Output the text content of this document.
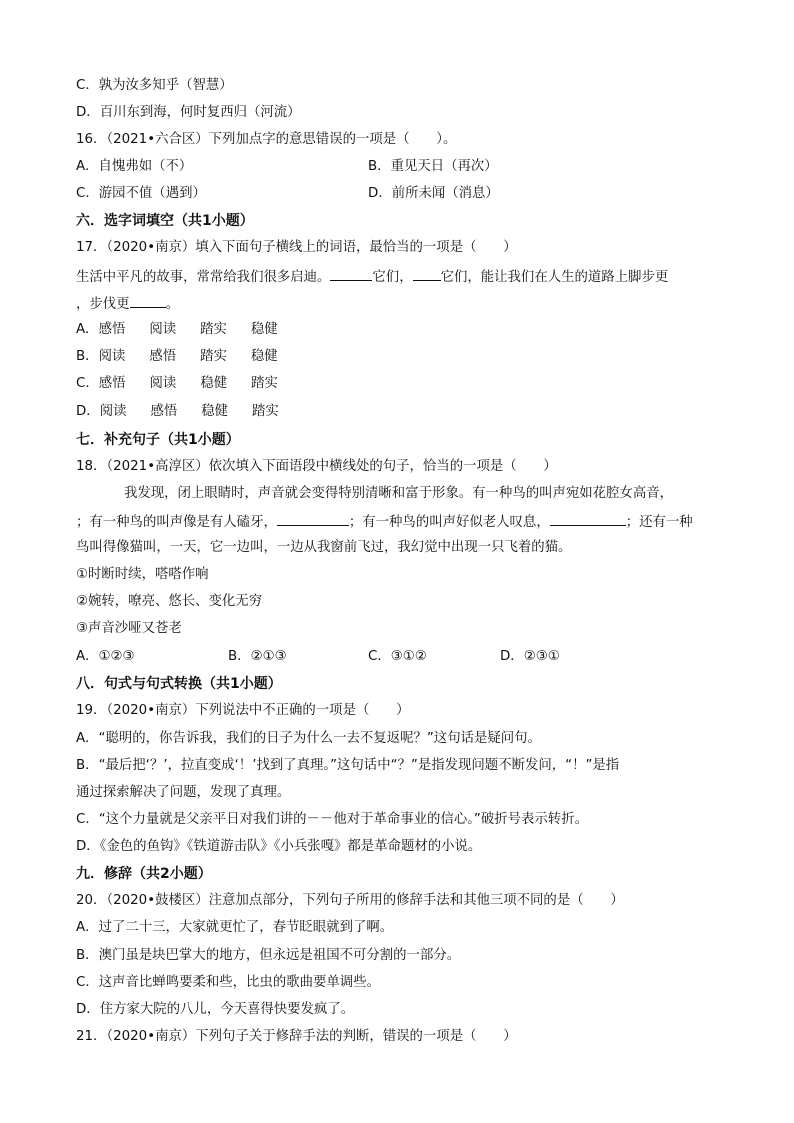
C．孰为汝多知乎（智慧）
D．百川东到海，何时复西归（河流）
16．（2021•六合区）下列加点字的意思错误的一项是（　　）。
A．自愧弗如（不）	B．重见天日（再次）
C．游园不值（遇到）	D．前所未闻（消息）
六．选字词填空（共1小题）
17．（2020•南京）填入下面句子横线上的词语，最恰当的一项是（　　）
生活中平凡的故事，常常给我们很多启迪。	它们， 它们，能让我们在人生的道路上脚步更
，步伐更	。
A．感悟 阅读 踏实 稳健
B．阅读 感悟 踏实 稳健
C．感悟 阅读 稳健 踏实
D．阅读 感悟 稳健 踏实
七．补充句子（共1小题）
18．（2021•高淳区）依次填入下面语段中横线处的句子，恰当的一项是（　　）
我发现，闭上眼睛时，声音就会变得特别清晰和富于形象。有一种鸟的叫声宛如花腔女高音，
；有一种鸟的叫声像是有人磕牙，	；有一种鸟的叫声好似老人叹息，	；还有一种
鸟叫得像猫叫，一天，它一边叫，一边从我窗前飞过，我幻觉中出现一只飞着的猫。
①时断时续，嗒嗒作响
②婉转，嘹亮、悠长、变化无穷
③声音沙哑又苍老
A．①②③	B．②①③	C．③①②	D．②③①
八．句式与句式转换（共1小题）
19．（2020•南京）下列说法中不正确的一项是（　　）
A．“聪明的，你告诉我，我们的日子为什么一去不复返呢？”这句话是疑问句。
B．“最后把‘？’，拉直变成‘！’找到了真理。”这句话中“？”是指发现问题不断发问，“！”是指
通过探索解决了问题，发现了真理。
C．“这个力量就是父亲平日对我们讲的－－他对于革命事业的信心。”破折号表示转折。
D．《金色的鱼钩》《铁道游击队》《小兵张嘎》都是革命题材的小说。
九．修辞（共2小题）
20．（2020•鼓楼区）注意加点部分，下列句子所用的修辞手法和其他三项不同的是（　　）
A．过了二十三，大家就更忙了，春节眨眼就到了啊。
B．澳门虽是块巴掌大的地方，但永远是祖国不可分割的一部分。
C．这声音比蝉鸣要柔和些，比虫的歌曲要单调些。
D．住方家大院的八儿，今天喜得快要发疯了。
21．（2020•南京）下列句子关于修辞手法的判断，错误的一项是（　　）
